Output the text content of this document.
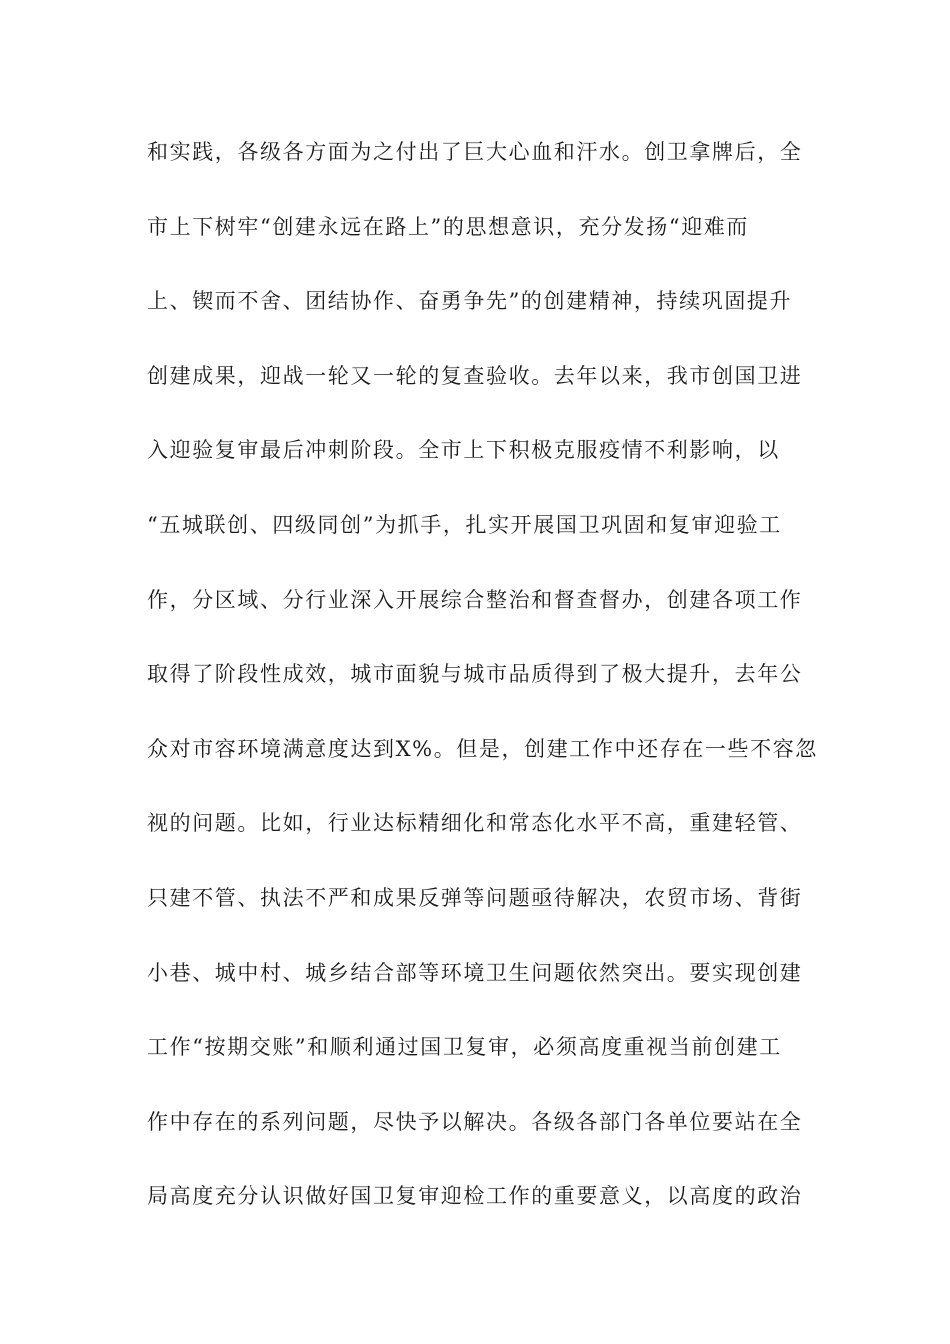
和实践，各级各方面为之付出了巨大心血和汗水。创卫拿牌后，全
市上下树牢“创建永远在路上”的思想意识，充分发扬“迎难而
上、锲而不舍、团结协作、奋勇争先”的创建精神，持续巩固提升
创建成果，迎战一轮又一轮的复查验收。去年以来，我市创国卫进
入迎验复审最后冲刺阶段。全市上下积极克服疫情不利影响，以
“五城联创、四级同创”为抓手，扎实开展国卫巩固和复审迎验工
作，分区域、分行业深入开展综合整治和督查督办，创建各项工作
取得了阶段性成效，城市面貌与城市品质得到了极大提升，去年公
众对市容环境满意度达到X%。但是，创建工作中还存在一些不容忽
视的问题。比如，行业达标精细化和常态化水平不高，重建轻管、
只建不管、执法不严和成果反弹等问题亟待解决，农贸市场、背街
小巷、城中村、城乡结合部等环境卫生问题依然突出。要实现创建
工作“按期交账”和顺利通过国卫复审，必须高度重视当前创建工
作中存在的系列问题，尽快予以解决。各级各部门各单位要站在全
局高度充分认识做好国卫复审迎检工作的重要意义，以高度的政治
